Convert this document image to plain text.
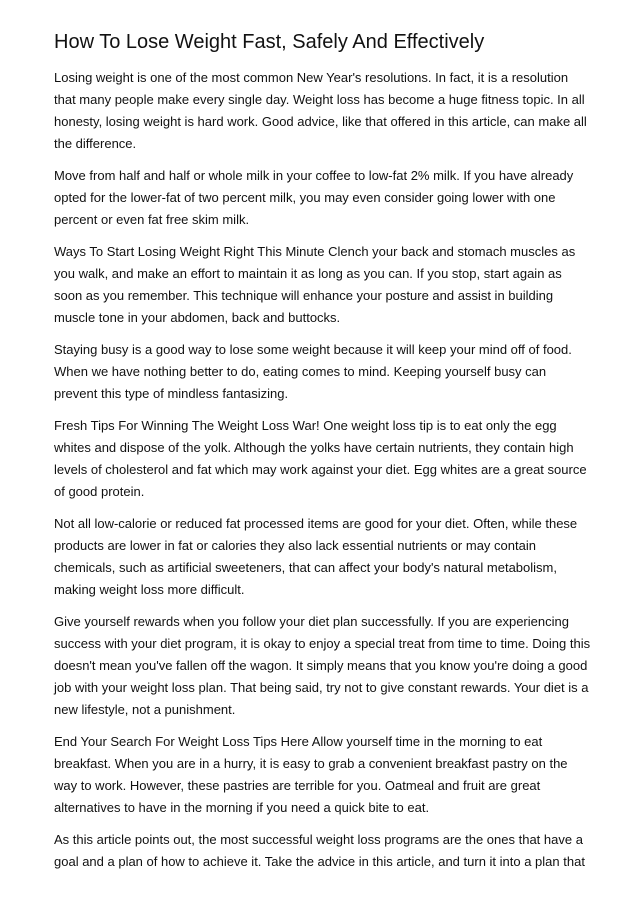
How To Lose Weight Fast, Safely And Effectively

Losing weight is one of the most common New Year's resolutions. In fact, it is a resolution
that many people make every single day. Weight loss has become a huge fitness topic. In all
honesty, losing weight is hard work. Good advice, like that offered in this article, can make all
the difference.

Move from half and half or whole milk in your coffee to low-fat 2% milk. If you have already
opted for the lower-fat of two percent milk, you may even consider going lower with one
percent or even fat free skim milk.

Ways To Start Losing Weight Right This Minute Clench your back and stomach muscles as
you walk, and make an effort to maintain it as long as you can. If you stop, start again as
soon as you remember. This technique will enhance your posture and assist in building
muscle tone in your abdomen, back and buttocks.

Staying busy is a good way to lose some weight because it will keep your mind off of food.
When we have nothing better to do, eating comes to mind. Keeping yourself busy can
prevent this type of mindless fantasizing.

Fresh Tips For Winning The Weight Loss War! One weight loss tip is to eat only the egg
whites and dispose of the yolk. Although the yolks have certain nutrients, they contain high
levels of cholesterol and fat which may work against your diet. Egg whites are a great source
of good protein.

Not all low-calorie or reduced fat processed items are good for your diet. Often, while these
products are lower in fat or calories they also lack essential nutrients or may contain
chemicals, such as artificial sweeteners, that can affect your body's natural metabolism,
making weight loss more difficult.

Give yourself rewards when you follow your diet plan successfully. If you are experiencing
success with your diet program, it is okay to enjoy a special treat from time to time. Doing this
doesn't mean you've fallen off the wagon. It simply means that you know you're doing a good
job with your weight loss plan. That being said, try not to give constant rewards. Your diet is a
new lifestyle, not a punishment.

End Your Search For Weight Loss Tips Here Allow yourself time in the morning to eat
breakfast. When you are in a hurry, it is easy to grab a convenient breakfast pastry on the
way to work. However, these pastries are terrible for you. Oatmeal and fruit are great
alternatives to have in the morning if you need a quick bite to eat.

As this article points out, the most successful weight loss programs are the ones that have a
goal and a plan of how to achieve it. Take the advice in this article, and turn it into a plan that
